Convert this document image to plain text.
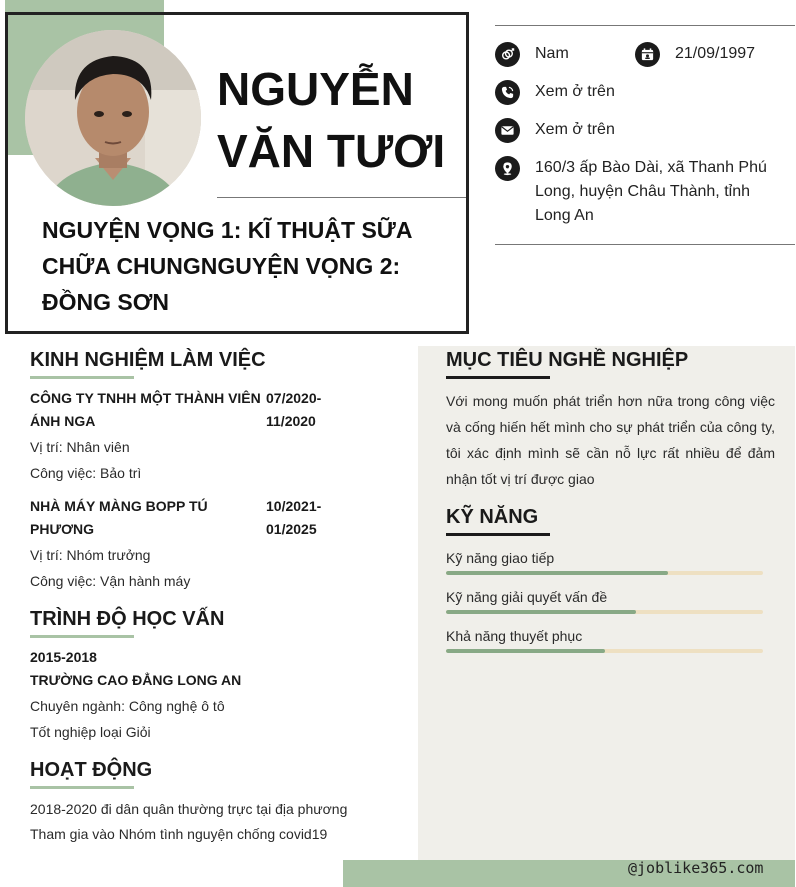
NGUYỄN
VĂN TƯƠI
NGUYỆN VỌNG 1: KĨ THUẬT SỮA CHỮA CHUNGNGUYỆN VỌNG 2: ĐỒNG SƠN
Nam	21/09/1997
Xem ở trên
Xem ở trên
160/3 ấp Bào Dài, xã Thanh Phú Long, huyện Châu Thành, tỉnh Long An
KINH NGHIỆM LÀM VIỆC
CÔNG TY TNHH MỘT THÀNH VIÊN
ÁNH NGA
07/2020-
11/2020
Vị trí: Nhân viên
Công việc: Bảo trì
NHÀ MÁY MÀNG BOPP TÚ
PHƯƠNG
10/2021-
01/2025
Vị trí: Nhóm trưởng
Công việc: Vận hành máy
TRÌNH ĐỘ HỌC VẤN
2015-2018
TRƯỜNG CAO ĐẲNG LONG AN
Chuyên ngành: Công nghệ ô tô
Tốt nghiệp loại Giỏi
HOẠT ĐỘNG
2018-2020 đi dân quân thường trực tại địa phương
Tham gia vào Nhóm tình nguyện chống covid19
MỤC TIÊU NGHỀ NGHIỆP
Với mong muốn phát triển hơn nữa trong công việc và cống hiến hết mình cho sự phát triển của công ty, tôi xác định mình sẽ cần nỗ lực rất nhiều để đảm nhận tốt vị trí được giao
KỸ NĂNG
Kỹ năng giao tiếp
Kỹ năng giải quyết vấn đề
Khả năng thuyết phục
@joblike365.com
